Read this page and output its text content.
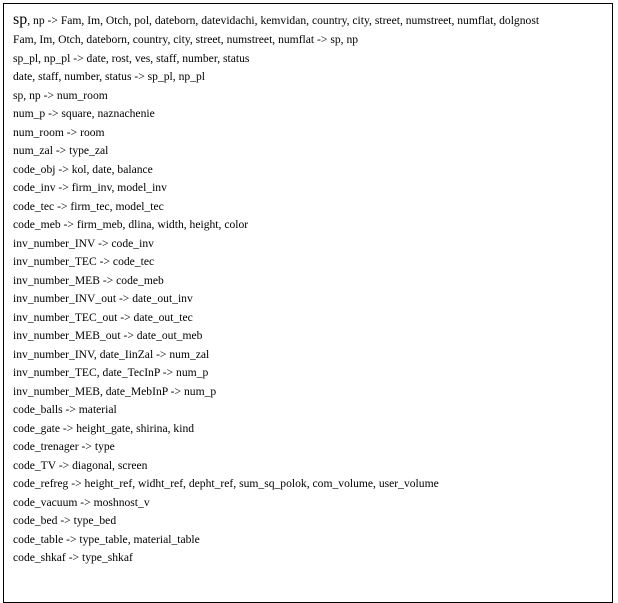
sp, np -> Fam, Im, Otch, pol, dateborn, datevidachi, kemvidan, country, city, street, numstreet, numflat, dolgnost
Fam, Im, Otch, dateborn, country, city, street, numstreet, numflat -> sp, np
sp_pl, np_pl -> date, rost, ves, staff, number, status
date, staff, number, status -> sp_pl, np_pl
sp, np -> num_room
num_p -> square, naznachenie
num_room -> room
num_zal -> type_zal
code_obj -> kol, date, balance
code_inv -> firm_inv, model_inv
code_tec -> firm_tec, model_tec
code_meb -> firm_meb, dlina, width, height, color
inv_number_INV -> code_inv
inv_number_TEC -> code_tec
inv_number_MEB -> code_meb
inv_number_INV_out -> date_out_inv
inv_number_TEC_out -> date_out_tec
inv_number_MEB_out -> date_out_meb
inv_number_INV, date_IinZal -> num_zal
inv_number_TEC, date_TecInP -> num_p
inv_number_MEB, date_MebInP -> num_p
code_balls -> material
code_gate -> height_gate, shirina, kind
code_trenager -> type
code_TV -> diagonal, screen
code_refreg -> height_ref, widht_ref, depht_ref, sum_sq_polok, com_volume, user_volume
code_vacuum -> moshnost_v
code_bed -> type_bed
code_table -> type_table, material_table
code_shkaf -> type_shkaf
